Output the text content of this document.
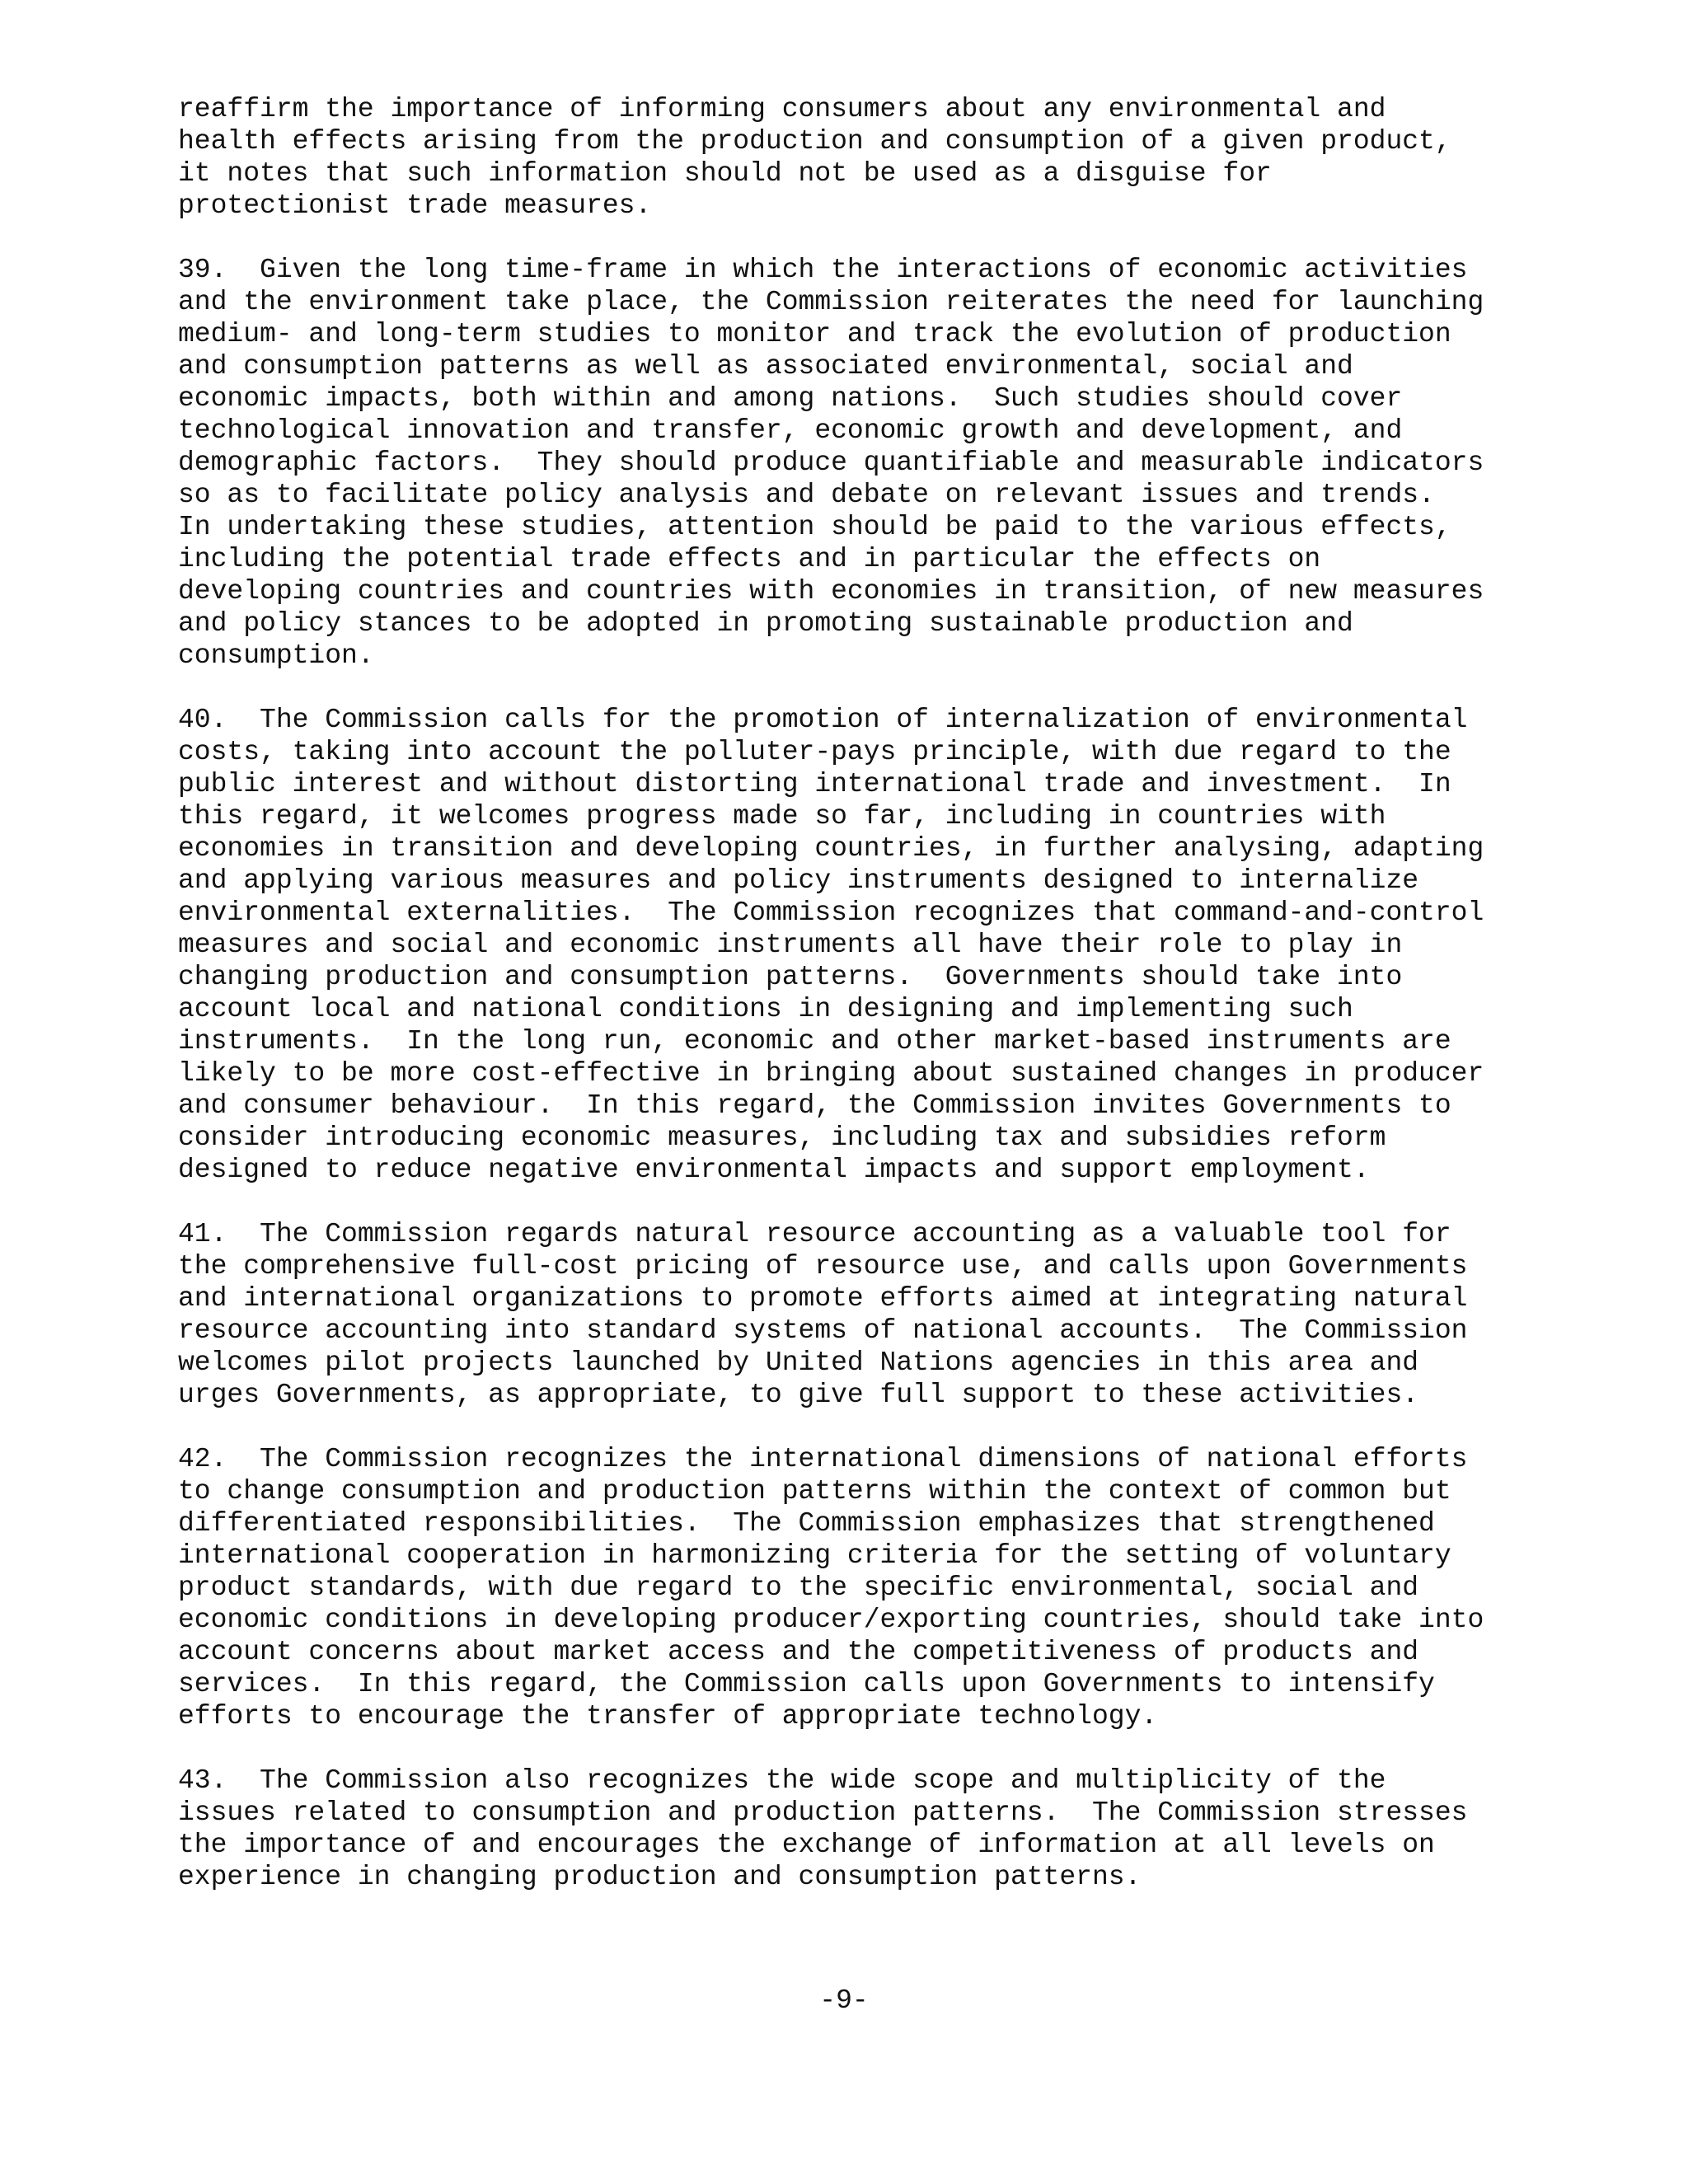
reaffirm the importance of informing consumers about any environmental and
health effects arising from the production and consumption of a given product,
it notes that such information should not be used as a disguise for
protectionist trade measures.
39.  Given the long time-frame in which the interactions of economic activities
and the environment take place, the Commission reiterates the need for launching
medium- and long-term studies to monitor and track the evolution of production
and consumption patterns as well as associated environmental, social and
economic impacts, both within and among nations.  Such studies should cover
technological innovation and transfer, economic growth and development, and
demographic factors.  They should produce quantifiable and measurable indicators
so as to facilitate policy analysis and debate on relevant issues and trends.
In undertaking these studies, attention should be paid to the various effects,
including the potential trade effects and in particular the effects on
developing countries and countries with economies in transition, of new measures
and policy stances to be adopted in promoting sustainable production and
consumption.
40.  The Commission calls for the promotion of internalization of environmental
costs, taking into account the polluter-pays principle, with due regard to the
public interest and without distorting international trade and investment.  In
this regard, it welcomes progress made so far, including in countries with
economies in transition and developing countries, in further analysing, adapting
and applying various measures and policy instruments designed to internalize
environmental externalities.  The Commission recognizes that command-and-control
measures and social and economic instruments all have their role to play in
changing production and consumption patterns.  Governments should take into
account local and national conditions in designing and implementing such
instruments.  In the long run, economic and other market-based instruments are
likely to be more cost-effective in bringing about sustained changes in producer
and consumer behaviour.  In this regard, the Commission invites Governments to
consider introducing economic measures, including tax and subsidies reform
designed to reduce negative environmental impacts and support employment.
41.  The Commission regards natural resource accounting as a valuable tool for
the comprehensive full-cost pricing of resource use, and calls upon Governments
and international organizations to promote efforts aimed at integrating natural
resource accounting into standard systems of national accounts.  The Commission
welcomes pilot projects launched by United Nations agencies in this area and
urges Governments, as appropriate, to give full support to these activities.
42.  The Commission recognizes the international dimensions of national efforts
to change consumption and production patterns within the context of common but
differentiated responsibilities.  The Commission emphasizes that strengthened
international cooperation in harmonizing criteria for the setting of voluntary
product standards, with due regard to the specific environmental, social and
economic conditions in developing producer/exporting countries, should take into
account concerns about market access and the competitiveness of products and
services.  In this regard, the Commission calls upon Governments to intensify
efforts to encourage the transfer of appropriate technology.
43.  The Commission also recognizes the wide scope and multiplicity of the
issues related to consumption and production patterns.  The Commission stresses
the importance of and encourages the exchange of information at all levels on
experience in changing production and consumption patterns.
-9-
